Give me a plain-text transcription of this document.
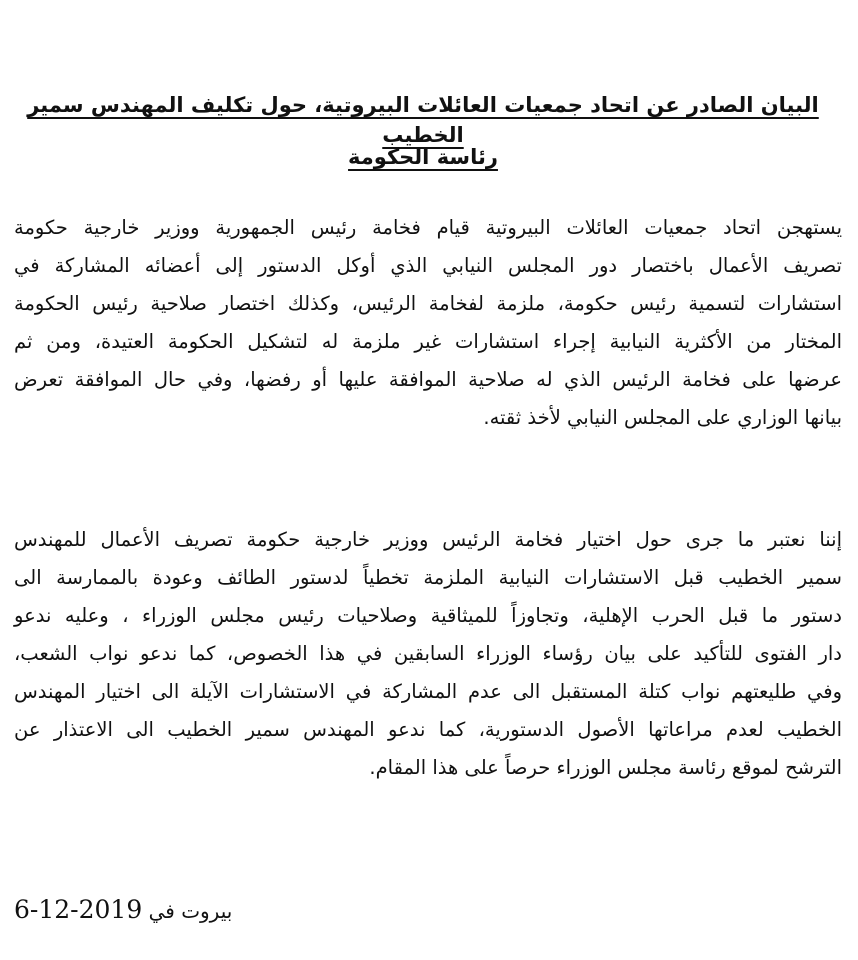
البيان الصادر عن اتحاد جمعيات العائلات البيروتية، حول تكليف المهندس سمير الخطيب
رئاسة الحكومة
يستهجن اتحاد جمعيات العائلات البيروتية قيام فخامة رئيس الجمهورية ووزير خارجية حكومة
تصريف الأعمال باختصار دور المجلس النيابي الذي أوكل الدستور إلى أعضائه المشاركة في
استشارات لتسمية رئيس حكومة، ملزمة لفخامة الرئيس، وكذلك اختصار صلاحية رئيس الحكومة
المختار من الأكثرية النيابية إجراء استشارات غير ملزمة له لتشكيل الحكومة العتيدة، ومن ثم
عرضها على فخامة الرئيس الذي له صلاحية الموافقة عليها أو رفضها، وفي حال الموافقة تعرض
بيانها الوزاري على المجلس النيابي لأخذ ثقته.
إننا نعتبر ما جرى حول اختيار فخامة الرئيس ووزير خارجية حكومة تصريف الأعمال للمهندس
سمير الخطيب قبل الاستشارات النيابية الملزمة تخطياً لدستور الطائف وعودة بالممارسة الى
دستور ما قبل الحرب الإهلية، وتجاوزاً للميثاقية وصلاحيات رئيس مجلس الوزراء ، وعليه ندعو
دار الفتوى للتأكيد على بيان رؤساء الوزراء السابقين في هذا الخصوص، كما ندعو نواب الشعب،
وفي طليعتهم نواب كتلة المستقبل الى عدم المشاركة في الاستشارات الآيلة الى اختيار المهندس
الخطيب لعدم مراعاتها الأصول الدستورية، كما ندعو المهندس سمير الخطيب الى الاعتذار عن
الترشح لموقع رئاسة مجلس الوزراء حرصاً على هذا المقام.
بيروت في 6-12-2019
